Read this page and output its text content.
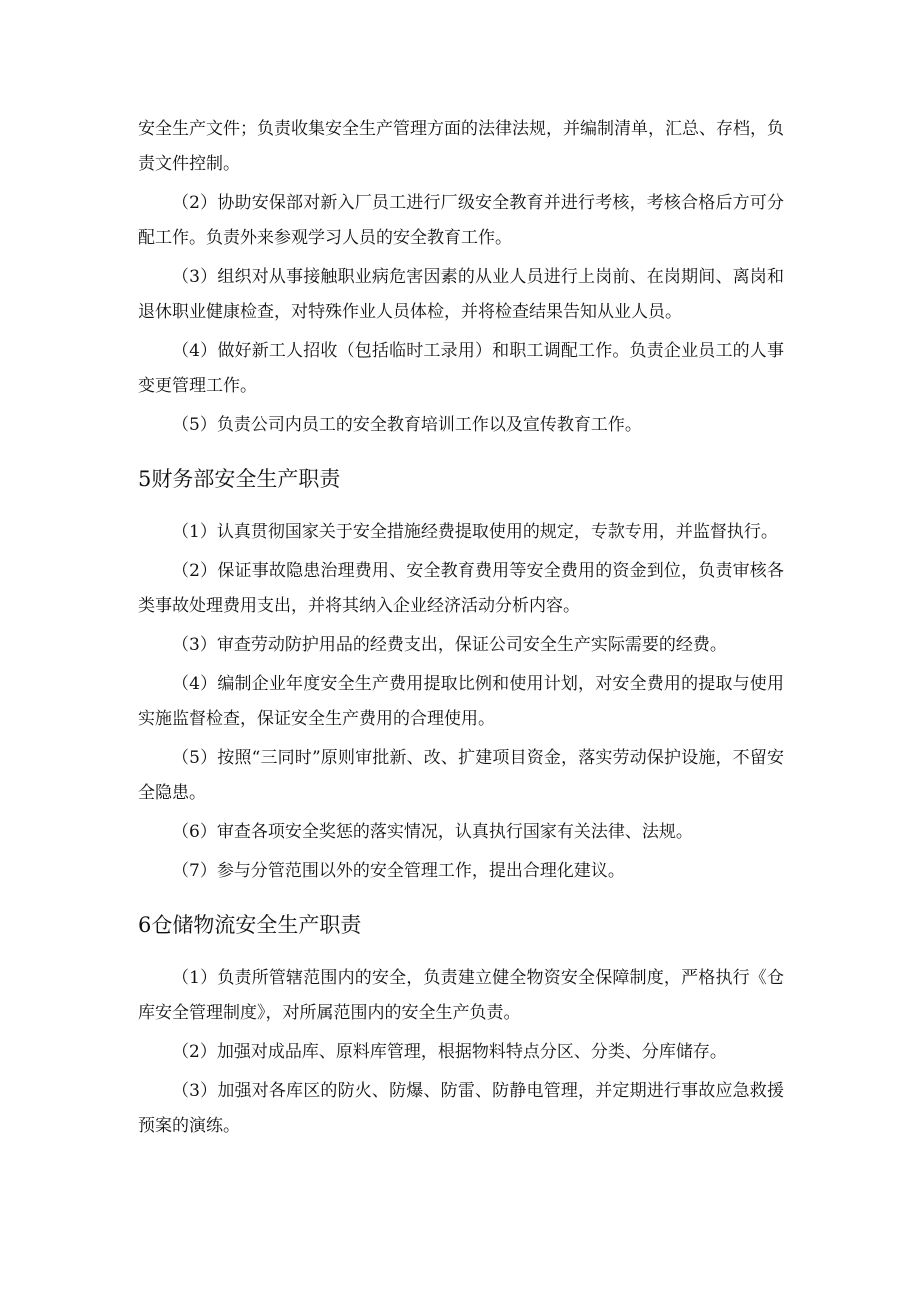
安全生产文件；负责收集安全生产管理方面的法律法规，并编制清单，汇总、存档，负责文件控制。

（2）协助安保部对新入厂员工进行厂级安全教育并进行考核，考核合格后方可分配工作。负责外来参观学习人员的安全教育工作。

（3）组织对从事接触职业病危害因素的从业人员进行上岗前、在岗期间、离岗和退休职业健康检查，对特殊作业人员体检，并将检查结果告知从业人员。

（4）做好新工人招收（包括临时工录用）和职工调配工作。负责企业员工的人事变更管理工作。

（5）负责公司内员工的安全教育培训工作以及宣传教育工作。

5财务部安全生产职责

（1）认真贯彻国家关于安全措施经费提取使用的规定，专款专用，并监督执行。

（2）保证事故隐患治理费用、安全教育费用等安全费用的资金到位，负责审核各类事故处理费用支出，并将其纳入企业经济活动分析内容。

（3）审查劳动防护用品的经费支出，保证公司安全生产实际需要的经费。

（4）编制企业年度安全生产费用提取比例和使用计划，对安全费用的提取与使用实施监督检查，保证安全生产费用的合理使用。

（5）按照“三同时”原则审批新、改、扩建项目资金，落实劳动保护设施，不留安全隐患。

（6）审查各项安全奖惩的落实情况，认真执行国家有关法律、法规。

（7）参与分管范围以外的安全管理工作，提出合理化建议。

6仓储物流安全生产职责

（1）负责所管辖范围内的安全，负责建立健全物资安全保障制度，严格执行《仓库安全管理制度》，对所属范围内的安全生产负责。

（2）加强对成品库、原料库管理，根据物料特点分区、分类、分库储存。

（3）加强对各库区的防火、防爆、防雷、防静电管理，并定期进行事故应急救援预案的演练。
